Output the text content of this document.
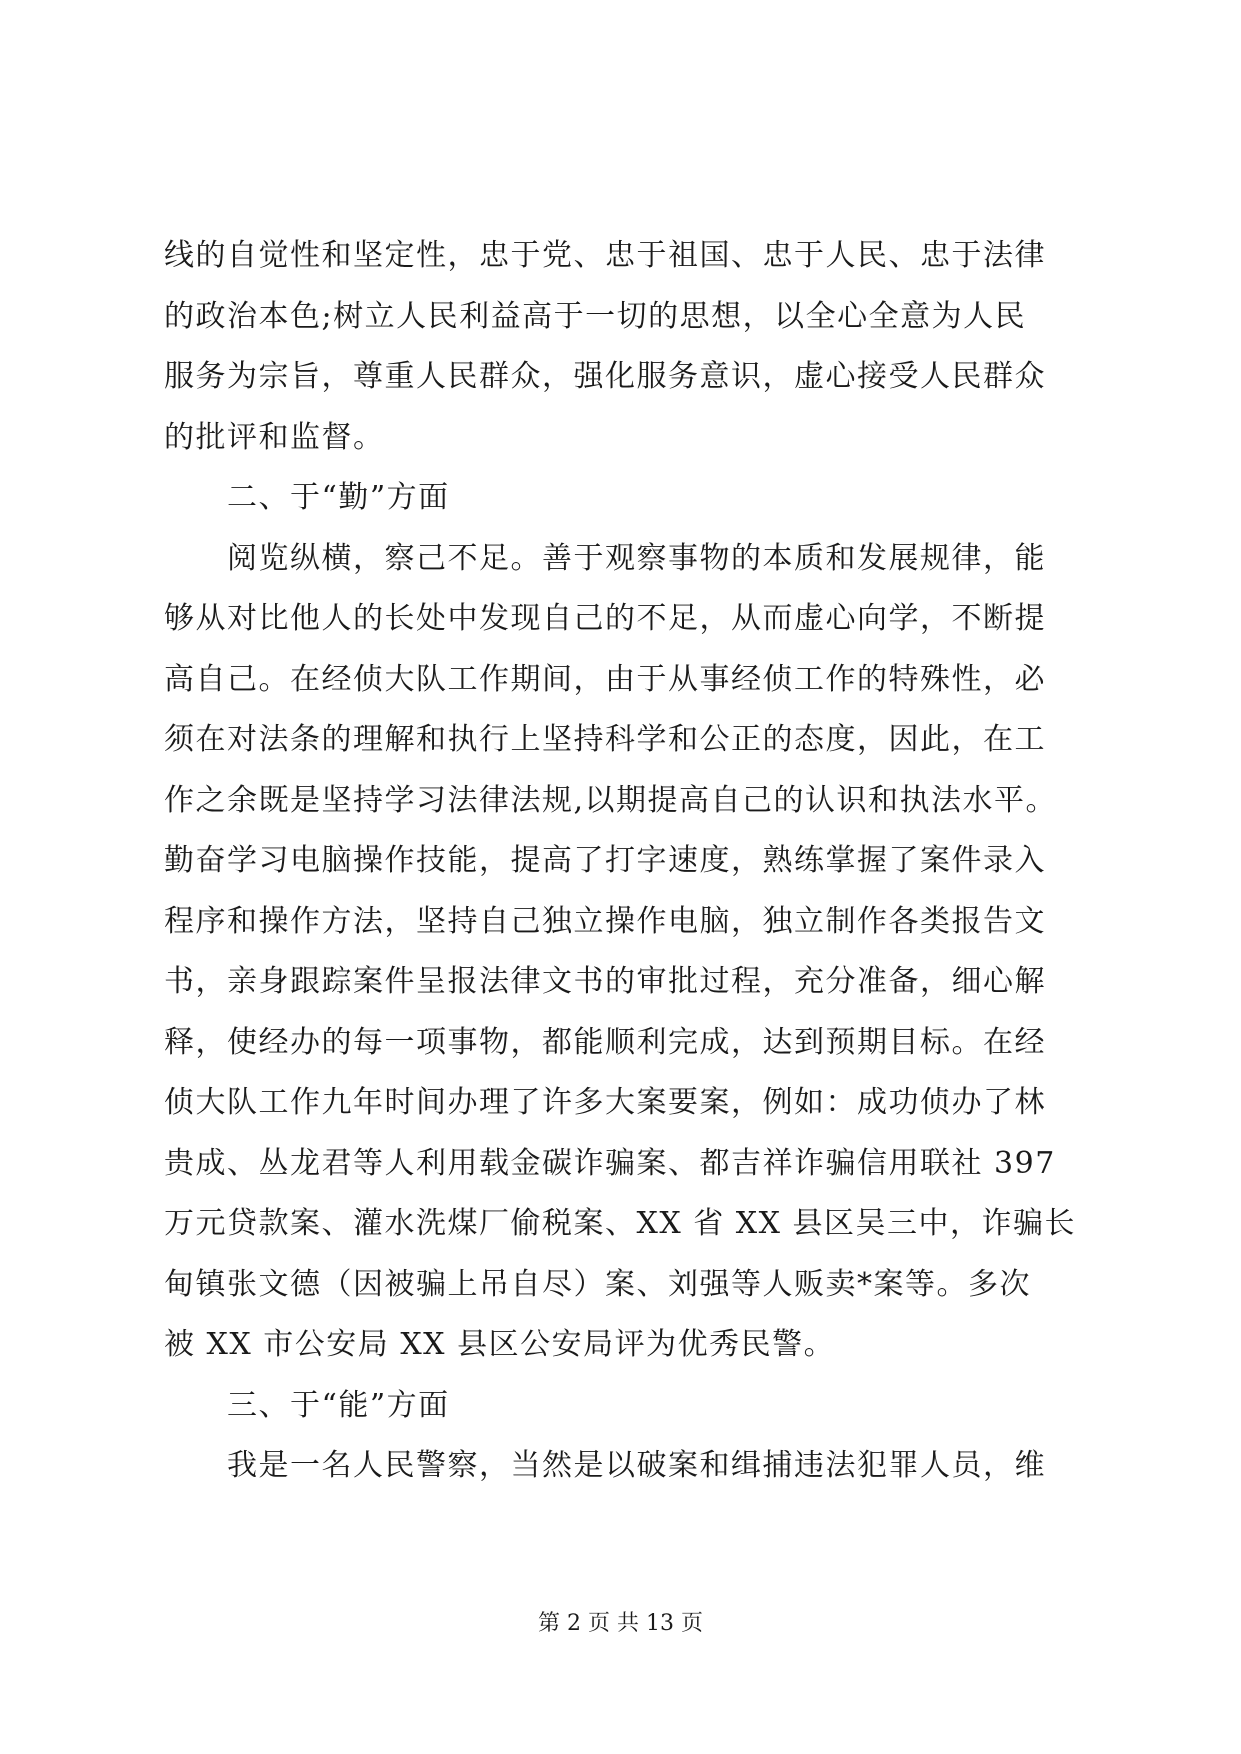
线的自觉性和坚定性，忠于党、忠于祖国、忠于人民、忠于法律
的政治本色;树立人民利益高于一切的思想，以全心全意为人民
服务为宗旨，尊重人民群众，强化服务意识，虚心接受人民群众
的批评和监督。
　　二、于“勤”方面
　　阅览纵横，察己不足。善于观察事物的本质和发展规律，能
够从对比他人的长处中发现自己的不足，从而虚心向学，不断提
高自己。在经侦大队工作期间，由于从事经侦工作的特殊性，必
须在对法条的理解和执行上坚持科学和公正的态度，因此，在工
作之余既是坚持学习法律法规,以期提高自己的认识和执法水平。
勤奋学习电脑操作技能，提高了打字速度，熟练掌握了案件录入
程序和操作方法，坚持自己独立操作电脑，独立制作各类报告文
书，亲身跟踪案件呈报法律文书的审批过程，充分准备，细心解
释，使经办的每一项事物，都能顺利完成，达到预期目标。在经
侦大队工作九年时间办理了许多大案要案，例如：成功侦办了林
贵成、丛龙君等人利用载金碳诈骗案、都吉祥诈骗信用联社 397
万元贷款案、灌水洗煤厂偷税案、XX 省 XX 县区吴三中，诈骗长
甸镇张文德（因被骗上吊自尽）案、刘强等人贩卖*案等。多次
被 XX 市公安局 XX 县区公安局评为优秀民警。
　　三、于“能”方面
　　我是一名人民警察，当然是以破案和缉捕违法犯罪人员，维
第 2 页 共 13 页
